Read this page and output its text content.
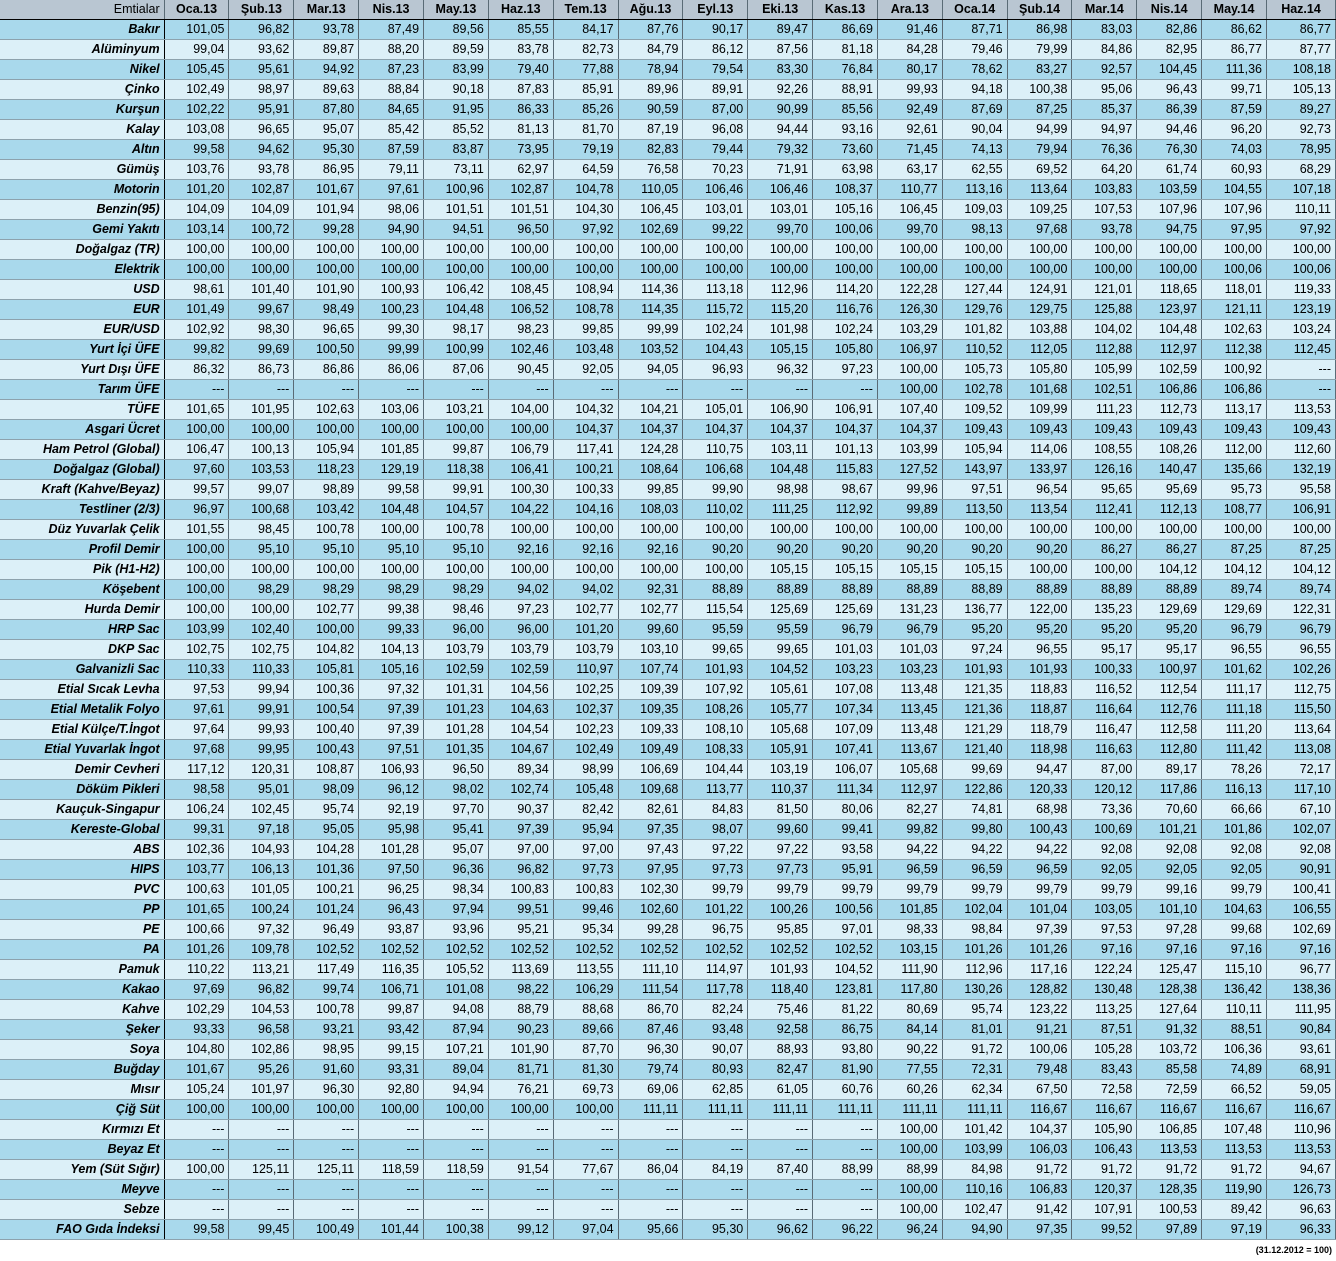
Emtialar	Oca.13	Şub.13	Mar.13	Nis.13	May.13	Haz.13	Tem.13	Ağu.13	Eyl.13	Eki.13	Kas.13	Ara.13	Oca.14	Şub.14	Mar.14	Nis.14	May.14	Haz.14
Bakır	101,05	96,82	93,78	87,49	89,56	85,55	84,17	87,76	90,17	89,47	86,69	91,46	87,71	86,98	83,03	82,86	86,62	86,77
Alüminyum	99,04	93,62	89,87	88,20	89,59	83,78	82,73	84,79	86,12	87,56	81,18	84,28	79,46	79,99	84,86	82,95	86,77	87,77
Nikel	105,45	95,61	94,92	87,23	83,99	79,40	77,88	78,94	79,54	83,30	76,84	80,17	78,62	83,27	92,57	104,45	111,36	108,18
Çinko	102,49	98,97	89,63	88,84	90,18	87,83	85,91	89,96	89,91	92,26	88,91	99,93	94,18	100,38	95,06	96,43	99,71	105,13
Kurşun	102,22	95,91	87,80	84,65	91,95	86,33	85,26	90,59	87,00	90,99	85,56	92,49	87,69	87,25	85,37	86,39	87,59	89,27
Kalay	103,08	96,65	95,07	85,42	85,52	81,13	81,70	87,19	96,08	94,44	93,16	92,61	90,04	94,99	94,97	94,46	96,20	92,73
Altın	99,58	94,62	95,30	87,59	83,87	73,95	79,19	82,83	79,44	79,32	73,60	71,45	74,13	79,94	76,36	76,30	74,03	78,95
Gümüş	103,76	93,78	86,95	79,11	73,11	62,97	64,59	76,58	70,23	71,91	63,98	63,17	62,55	69,52	64,20	61,74	60,93	68,29
Motorin	101,20	102,87	101,67	97,61	100,96	102,87	104,78	110,05	106,46	106,46	108,37	110,77	113,16	113,64	103,83	103,59	104,55	107,18
Benzin(95)	104,09	104,09	101,94	98,06	101,51	101,51	104,30	106,45	103,01	103,01	105,16	106,45	109,03	109,25	107,53	107,96	107,96	110,11
Gemi Yakıtı	103,14	100,72	99,28	94,90	94,51	96,50	97,92	102,69	99,22	99,70	100,06	99,70	98,13	97,68	93,78	94,75	97,95	97,92
Doğalgaz (TR)	100,00	100,00	100,00	100,00	100,00	100,00	100,00	100,00	100,00	100,00	100,00	100,00	100,00	100,00	100,00	100,00	100,00	100,00
Elektrik	100,00	100,00	100,00	100,00	100,00	100,00	100,00	100,00	100,00	100,00	100,00	100,00	100,00	100,00	100,00	100,00	100,06	100,06
USD	98,61	101,40	101,90	100,93	106,42	108,45	108,94	114,36	113,18	112,96	114,20	122,28	127,44	124,91	121,01	118,65	118,01	119,33
EUR	101,49	99,67	98,49	100,23	104,48	106,52	108,78	114,35	115,72	115,20	116,76	126,30	129,76	129,75	125,88	123,97	121,11	123,19
EUR/USD	102,92	98,30	96,65	99,30	98,17	98,23	99,85	99,99	102,24	101,98	102,24	103,29	101,82	103,88	104,02	104,48	102,63	103,24
Yurt İçi ÜFE	99,82	99,69	100,50	99,99	100,99	102,46	103,48	103,52	104,43	105,15	105,80	106,97	110,52	112,05	112,88	112,97	112,38	112,45
Yurt Dışı ÜFE	86,32	86,73	86,86	86,06	87,06	90,45	92,05	94,05	96,93	96,32	97,23	100,00	105,73	105,80	105,99	102,59	100,92	---
Tarım ÜFE	---	---	---	---	---	---	---	---	---	---	---	100,00	102,78	101,68	102,51	106,86	106,86	---
TÜFE	101,65	101,95	102,63	103,06	103,21	104,00	104,32	104,21	105,01	106,90	106,91	107,40	109,52	109,99	111,23	112,73	113,17	113,53
Asgari Ücret	100,00	100,00	100,00	100,00	100,00	100,00	104,37	104,37	104,37	104,37	104,37	104,37	109,43	109,43	109,43	109,43	109,43	109,43
Ham Petrol (Global)	106,47	100,13	105,94	101,85	99,87	106,79	117,41	124,28	110,75	103,11	101,13	103,99	105,94	114,06	108,55	108,26	112,00	112,60
Doğalgaz (Global)	97,60	103,53	118,23	129,19	118,38	106,41	100,21	108,64	106,68	104,48	115,83	127,52	143,97	133,97	126,16	140,47	135,66	132,19
Kraft (Kahve/Beyaz)	99,57	99,07	98,89	99,58	99,91	100,30	100,33	99,85	99,90	98,98	98,67	99,96	97,51	96,54	95,65	95,69	95,73	95,58
Testliner (2/3)	96,97	100,68	103,42	104,48	104,57	104,22	104,16	108,03	110,02	111,25	112,92	99,89	113,50	113,54	112,41	112,13	108,77	106,91
Düz Yuvarlak Çelik	101,55	98,45	100,78	100,00	100,78	100,00	100,00	100,00	100,00	100,00	100,00	100,00	100,00	100,00	100,00	100,00	100,00	100,00
Profil Demir	100,00	95,10	95,10	95,10	95,10	92,16	92,16	92,16	90,20	90,20	90,20	90,20	90,20	90,20	86,27	86,27	87,25	87,25
Pik (H1-H2)	100,00	100,00	100,00	100,00	100,00	100,00	100,00	100,00	100,00	105,15	105,15	105,15	105,15	100,00	100,00	104,12	104,12	104,12
Köşebent	100,00	98,29	98,29	98,29	98,29	94,02	94,02	92,31	88,89	88,89	88,89	88,89	88,89	88,89	88,89	88,89	89,74	89,74
Hurda Demir	100,00	100,00	102,77	99,38	98,46	97,23	102,77	102,77	115,54	125,69	125,69	131,23	136,77	122,00	135,23	129,69	129,69	122,31
HRP Sac	103,99	102,40	100,00	99,33	96,00	96,00	101,20	99,60	95,59	95,59	96,79	96,79	95,20	95,20	95,20	95,20	96,79	96,79
DKP Sac	102,75	102,75	104,82	104,13	103,79	103,79	103,79	103,10	99,65	99,65	101,03	101,03	97,24	96,55	95,17	95,17	96,55	96,55
Galvanizli Sac	110,33	110,33	105,81	105,16	102,59	102,59	110,97	107,74	101,93	104,52	103,23	103,23	101,93	101,93	100,33	100,97	101,62	102,26
Etial Sıcak Levha	97,53	99,94	100,36	97,32	101,31	104,56	102,25	109,39	107,92	105,61	107,08	113,48	121,35	118,83	116,52	112,54	111,17	112,75
Etial Metalik Folyo	97,61	99,91	100,54	97,39	101,23	104,63	102,37	109,35	108,26	105,77	107,34	113,45	121,36	118,87	116,64	112,76	111,18	115,50
Etial Külçe/T.İngot	97,64	99,93	100,40	97,39	101,28	104,54	102,23	109,33	108,10	105,68	107,09	113,48	121,29	118,79	116,47	112,58	111,20	113,64
Etial Yuvarlak İngot	97,68	99,95	100,43	97,51	101,35	104,67	102,49	109,49	108,33	105,91	107,41	113,67	121,40	118,98	116,63	112,80	111,42	113,08
Demir Cevheri	117,12	120,31	108,87	106,93	96,50	89,34	98,99	106,69	104,44	103,19	106,07	105,68	99,69	94,47	87,00	89,17	78,26	72,17
Döküm Pikleri	98,58	95,01	98,09	96,12	98,02	102,74	105,48	109,68	113,77	110,37	111,34	112,97	122,86	120,33	120,12	117,86	116,13	117,10
Kauçuk-Singapur	106,24	102,45	95,74	92,19	97,70	90,37	82,42	82,61	84,83	81,50	80,06	82,27	74,81	68,98	73,36	70,60	66,66	67,10
Kereste-Global	99,31	97,18	95,05	95,98	95,41	97,39	95,94	97,35	98,07	99,60	99,41	99,82	99,80	100,43	100,69	101,21	101,86	102,07
ABS	102,36	104,93	104,28	101,28	95,07	97,00	97,00	97,43	97,22	97,22	93,58	94,22	94,22	94,22	92,08	92,08	92,08	92,08
HIPS	103,77	106,13	101,36	97,50	96,36	96,82	97,73	97,95	97,73	97,73	95,91	96,59	96,59	96,59	92,05	92,05	92,05	90,91
PVC	100,63	101,05	100,21	96,25	98,34	100,83	100,83	102,30	99,79	99,79	99,79	99,79	99,79	99,79	99,79	99,16	99,79	100,41
PP	101,65	100,24	101,24	96,43	97,94	99,51	99,46	102,60	101,22	100,26	100,56	101,85	102,04	101,04	103,05	101,10	104,63	106,55
PE	100,66	97,32	96,49	93,87	93,96	95,21	95,34	99,28	96,75	95,85	97,01	98,33	98,84	97,39	97,53	97,28	99,68	102,69
PA	101,26	109,78	102,52	102,52	102,52	102,52	102,52	102,52	102,52	102,52	102,52	103,15	101,26	101,26	97,16	97,16	97,16	97,16
Pamuk	110,22	113,21	117,49	116,35	105,52	113,69	113,55	111,10	114,97	101,93	104,52	111,90	112,96	117,16	122,24	125,47	115,10	96,77
Kakao	97,69	96,82	99,74	106,71	101,08	98,22	106,29	111,54	117,78	118,40	123,81	117,80	130,26	128,82	130,48	128,38	136,42	138,36
Kahve	102,29	104,53	100,78	99,87	94,08	88,79	88,68	86,70	82,24	75,46	81,22	80,69	95,74	123,22	113,25	127,64	110,11	111,95
Şeker	93,33	96,58	93,21	93,42	87,94	90,23	89,66	87,46	93,48	92,58	86,75	84,14	81,01	91,21	87,51	91,32	88,51	90,84
Soya	104,80	102,86	98,95	99,15	107,21	101,90	87,70	96,30	90,07	88,93	93,80	90,22	91,72	100,06	105,28	103,72	106,36	93,61
Buğday	101,67	95,26	91,60	93,31	89,04	81,71	81,30	79,74	80,93	82,47	81,90	77,55	72,31	79,48	83,43	85,58	74,89	68,91
Mısır	105,24	101,97	96,30	92,80	94,94	76,21	69,73	69,06	62,85	61,05	60,76	60,26	62,34	67,50	72,58	72,59	66,52	59,05
Çiğ Süt	100,00	100,00	100,00	100,00	100,00	100,00	100,00	111,11	111,11	111,11	111,11	111,11	111,11	116,67	116,67	116,67	116,67	116,67
Kırmızı Et	---	---	---	---	---	---	---	---	---	---	---	100,00	101,42	104,37	105,90	106,85	107,48	110,96
Beyaz Et	---	---	---	---	---	---	---	---	---	---	---	100,00	103,99	106,03	106,43	113,53	113,53	113,53
Yem (Süt Sığır)	100,00	125,11	125,11	118,59	118,59	91,54	77,67	86,04	84,19	87,40	88,99	88,99	84,98	91,72	91,72	91,72	91,72	94,67
Meyve	---	---	---	---	---	---	---	---	---	---	---	100,00	110,16	106,83	120,37	128,35	119,90	126,73
Sebze	---	---	---	---	---	---	---	---	---	---	---	100,00	102,47	91,42	107,91	100,53	89,42	96,63
FAO Gıda İndeksi	99,58	99,45	100,49	101,44	100,38	99,12	97,04	95,66	95,30	96,62	96,22	96,24	94,90	97,35	99,52	97,89	97,19	96,33
(31.12.2012 = 100)
